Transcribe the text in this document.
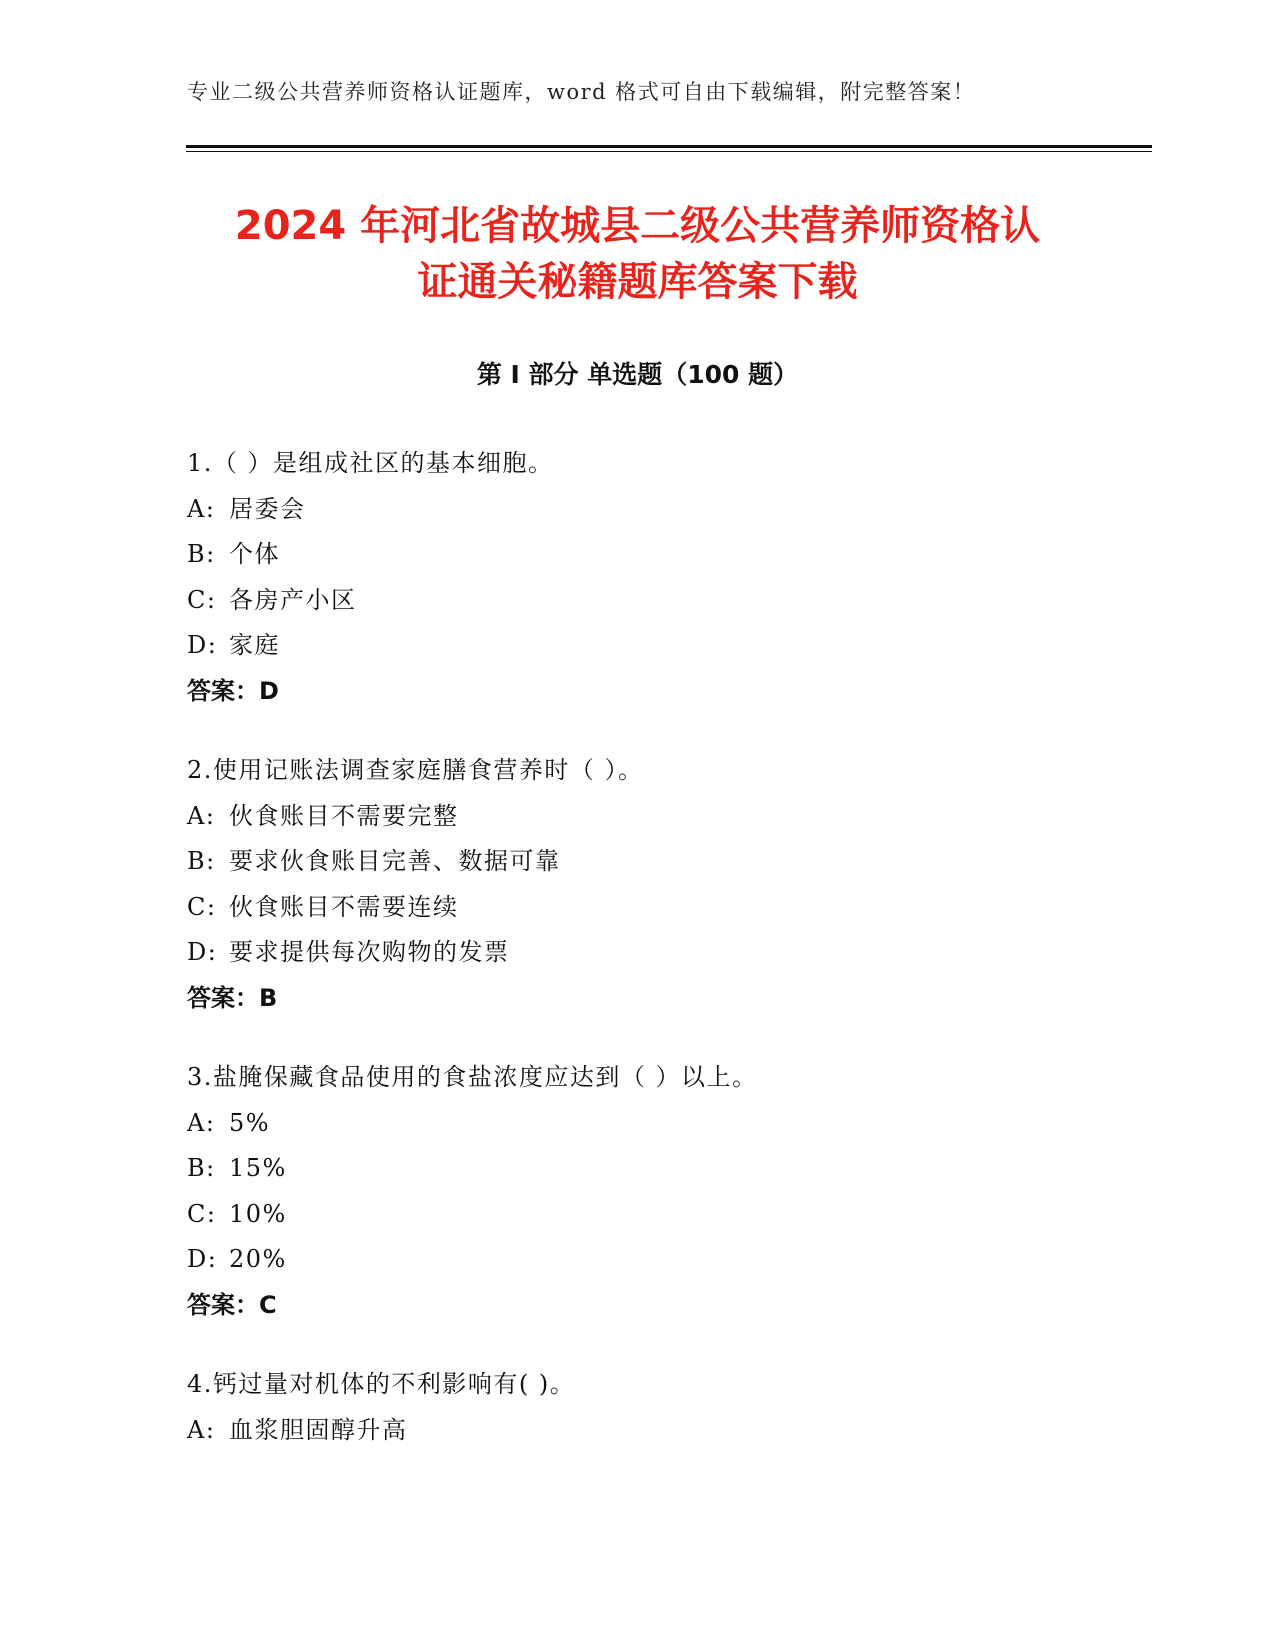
专业二级公共营养师资格认证题库，word 格式可自由下载编辑，附完整答案！
2024 年河北省故城县二级公共营养师资格认
证通关秘籍题库答案下载
第 I 部分 单选题（100 题）
1.（ ）是组成社区的基本细胞。
A: 居委会
B: 个体
C: 各房产小区
D: 家庭
答案：D
2.使用记账法调查家庭膳食营养时（ ）。
A: 伙食账目不需要完整
B: 要求伙食账目完善、数据可靠
C: 伙食账目不需要连续
D: 要求提供每次购物的发票
答案：B
3.盐腌保藏食品使用的食盐浓度应达到（ ）以上。
A: 5%
B: 15%
C: 10%
D: 20%
答案：C
4.钙过量对机体的不利影响有( )。
A: 血浆胆固醇升高
